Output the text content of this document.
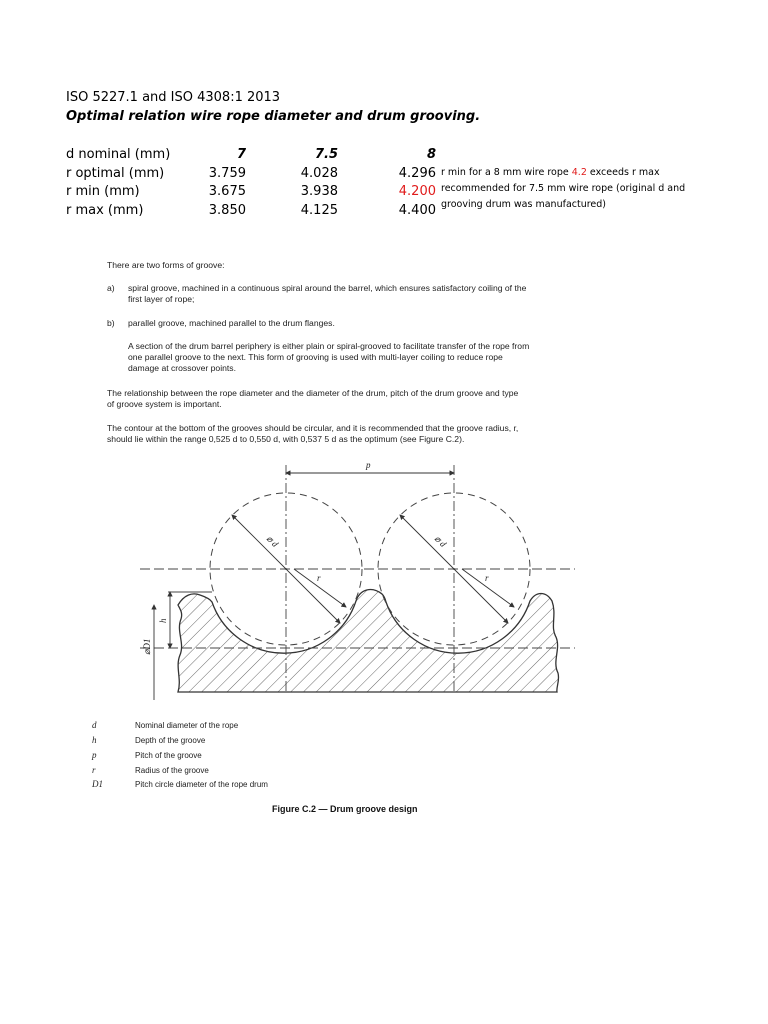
ISO 5227.1 and ISO 4308:1 2013
Optimal relation wire rope diameter and drum grooving.
d nominal (mm)	7	7.5	8
r optimal (mm)	3.759	4.028	4.296
r min (mm)	3.675	3.938	4.200
r max (mm)	3.850	4.125	4.400
r min for a 8 mm wire rope 4.2 exceeds r max
recommended for 7.5 mm wire rope (original d and
grooving drum was manufactured)
There are two forms of groove:
a) spiral groove, machined in a continuous spiral around the barrel, which ensures satisfactory coiling of the
first layer of rope;
b) parallel groove, machined parallel to the drum flanges.
A section of the drum barrel periphery is either plain or spiral-grooved to facilitate transfer of the rope from
one parallel groove to the next. This form of grooving is used with multi-layer coiling to reduce rope
damage at crossover points.
The relationship between the rope diameter and the diameter of the drum, pitch of the drum groove and type
of groove system is important.
The contour at the bottom of the grooves should be circular, and it is recommended that the groove radius, r,
should lie within the range 0,525 d to 0,550 d, with 0,537 5 d as the optimum (see Figure C.2).
p
⌀ d	⌀ d
r	r
h
⌀D1
d	Nominal diameter of the rope
h	Depth of the groove
p	Pitch of the groove
r	Radius of the groove
D1	Pitch circle diameter of the rope drum
Figure C.2 — Drum groove design
